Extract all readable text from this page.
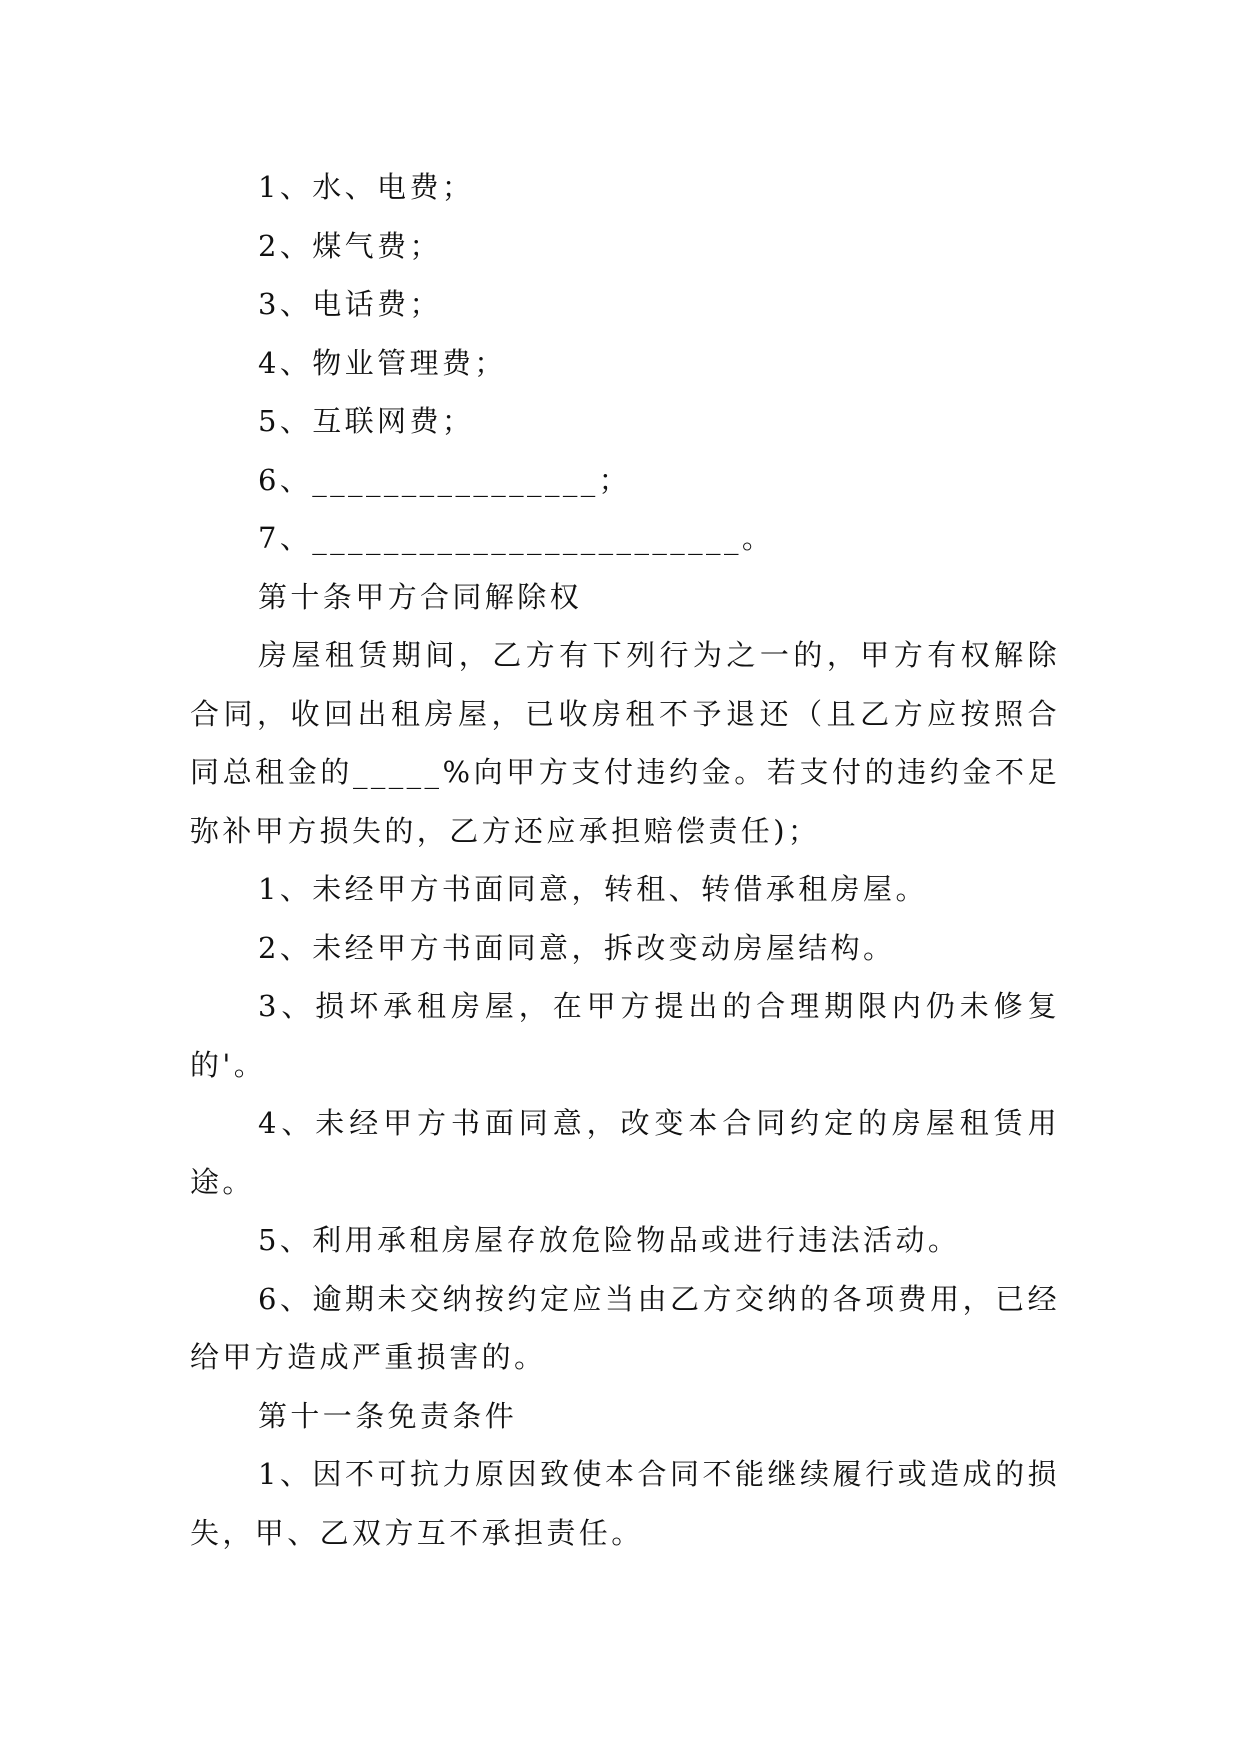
1、水、电费；

2、煤气费；

3、电话费；

4、物业管理费；

5、互联网费；

6、________________；

7、________________________。

第十条甲方合同解除权

房屋租赁期间，乙方有下列行为之一的，甲方有权解除合同，收回出租房屋，已收房租不予退还（且乙方应按照合同总租金的_____%向甲方支付违约金。若支付的违约金不足弥补甲方损失的，乙方还应承担赔偿责任)；

1、未经甲方书面同意，转租、转借承租房屋。

2、未经甲方书面同意，拆改变动房屋结构。

3、损坏承租房屋，在甲方提出的合理期限内仍未修复的'。

4、未经甲方书面同意，改变本合同约定的房屋租赁用途。

5、利用承租房屋存放危险物品或进行违法活动。

6、逾期未交纳按约定应当由乙方交纳的各项费用，已经给甲方造成严重损害的。

第十一条免责条件

1、因不可抗力原因致使本合同不能继续履行或造成的损失，甲、乙双方互不承担责任。
